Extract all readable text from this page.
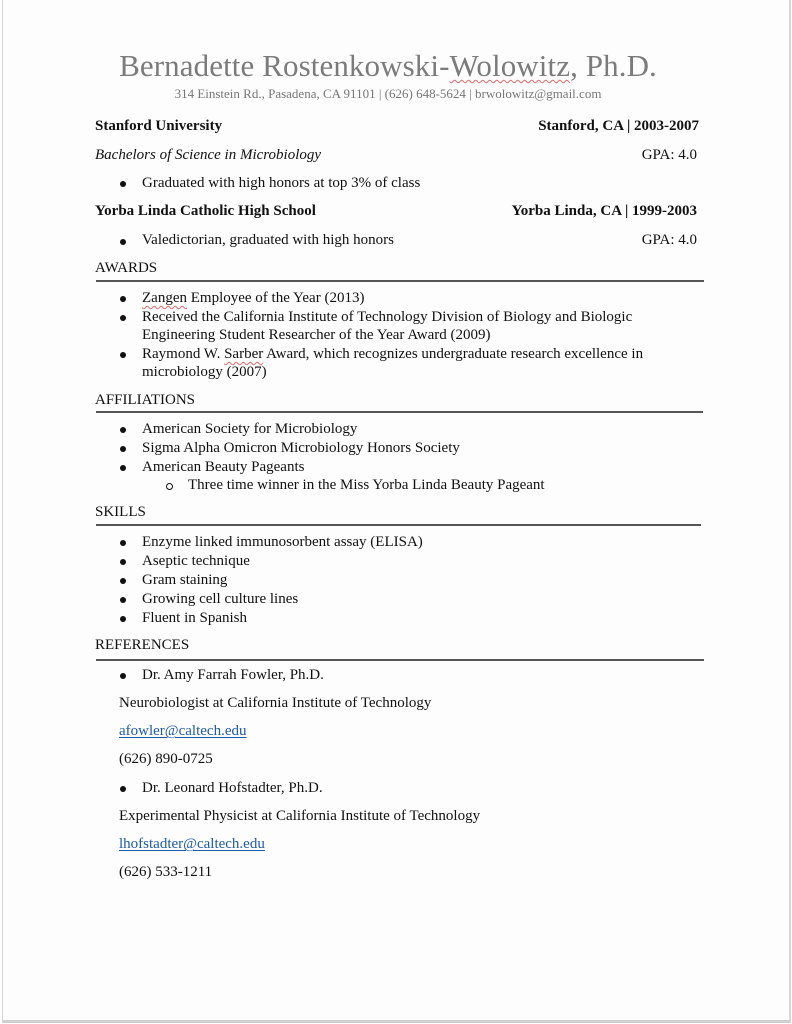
Bernadette Rostenkowski-Wolowitz, Ph.D.
314 Einstein Rd., Pasadena, CA 91101 | (626) 648-5624 | brwolowitz@gmail.com
Stanford University	Stanford, CA | 2003-2007
Bachelors of Science in Microbiology	GPA: 4.0
Graduated with high honors at top 3% of class
Yorba Linda Catholic High School	Yorba Linda, CA | 1999-2003
Valedictorian, graduated with high honors	GPA: 4.0
AWARDS
Zangen Employee of the Year (2013)
Received the California Institute of Technology Division of Biology and Biologic
Engineering Student Researcher of the Year Award (2009)
Raymond W. Sarber Award, which recognizes undergraduate research excellence in
microbiology (2007)
AFFILIATIONS
American Society for Microbiology
Sigma Alpha Omicron Microbiology Honors Society
American Beauty Pageants
Three time winner in the Miss Yorba Linda Beauty Pageant
SKILLS
Enzyme linked immunosorbent assay (ELISA)
Aseptic technique
Gram staining
Growing cell culture lines
Fluent in Spanish
REFERENCES
Dr. Amy Farrah Fowler, Ph.D.
Neurobiologist at California Institute of Technology
afowler@caltech.edu
(626) 890-0725
Dr. Leonard Hofstadter, Ph.D.
Experimental Physicist at California Institute of Technology
lhofstadter@caltech.edu
(626) 533-1211
